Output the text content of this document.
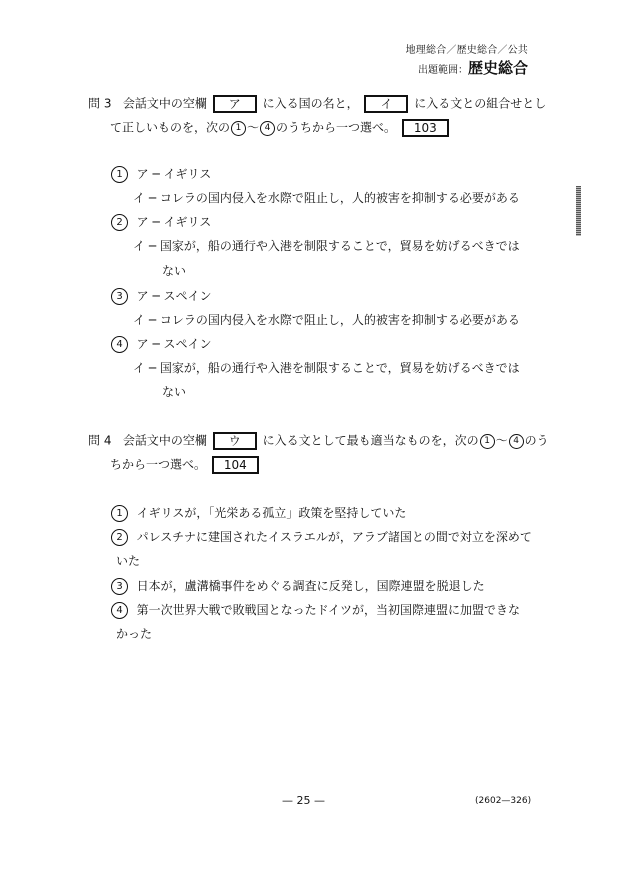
地理総合／歴史総合／公共
出題範囲：歴史総合
問 3 会話文中の空欄 ア に入る国の名と， イ に入る文との組合せとし
て正しいものを，次の 1 ～ 4 のうちから一つ選べ。 103
1 ア ─ イギリス
イ ─ コレラの国内侵入を水際で阻止し，人的被害を抑制する必要がある
2 ア ─ イギリス
イ ─ 国家が，船の通行や入港を制限することで，貿易を妨げるべきでは
ない
3 ア ─ スペイン
イ ─ コレラの国内侵入を水際で阻止し，人的被害を抑制する必要がある
4 ア ─ スペイン
イ ─ 国家が，船の通行や入港を制限することで，貿易を妨げるべきでは
ない
問 4 会話文中の空欄 ウ に入る文として最も適当なものを，次の 1 ～ 4 のう
ちから一つ選べ。 104
1 イギリスが，「光栄ある孤立」政策を堅持していた
2 パレスチナに建国されたイスラエルが，アラブ諸国との間で対立を深めて
いた
3 日本が，盧溝橋事件をめぐる調査に反発し，国際連盟を脱退した
4 第一次世界大戦で敗戦国となったドイツが，当初国際連盟に加盟できな
かった
— 25 —	(2602—326)
